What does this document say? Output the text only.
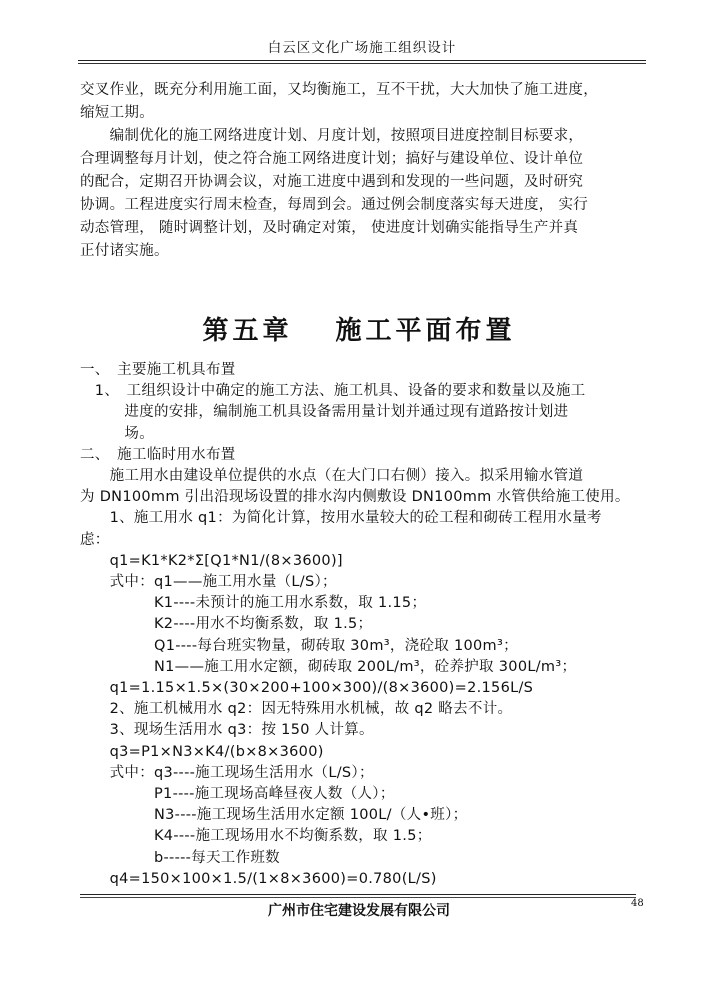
白云区文化广场施工组织设计
交叉作业，既充分利用施工面，又均衡施工，互不干扰，大大加快了施工进度，
缩短工期。
　　编制优化的施工网络进度计划、月度计划，按照项目进度控制目标要求，
合理调整每月计划，使之符合施工网络进度计划；搞好与建设单位、设计单位
的配合，定期召开协调会议，对施工进度中遇到和发现的一些问题，及时研究
协调。工程进度实行周末检查，每周到会。通过例会制度落实每天进度， 实行
动态管理， 随时调整计划，及时确定对策， 使进度计划确实能指导生产并真
正付诸实施。
第五章　 施工平面布置
一、　主要施工机具布置
　1、　工组织设计中确定的施工方法、施工机具、设备的要求和数量以及施工
　　　进度的安排，编制施工机具设备需用量计划并通过现有道路按计划进
　　　场。
二、　施工临时用水布置
　　施工用水由建设单位提供的水点（在大门口右侧）接入。拟采用输水管道
为 DN100mm 引出沿现场设置的排水沟内侧敷设 DN100mm 水管供给施工使用。
　　1、施工用水 q1：为简化计算，按用水量较大的砼工程和砌砖工程用水量考
虑：
　　q1=K1*K2*Σ[Q1*N1/(8×3600)]
　　式中：q1——施工用水量（L/S）；
　　　　　K1----未预计的施工用水系数，取 1.15；
　　　　　K2----用水不均衡系数，取 1.5；
　　　　　Q1----每台班实物量，砌砖取 30m³，浇砼取 100m³；
　　　　　N1——施工用水定额，砌砖取 200L/m³，砼养护取 300L/m³；
　　q1=1.15×1.5×(30×200+100×300)/(8×3600)=2.156L/S
　　2、施工机械用水 q2：因无特殊用水机械，故 q2 略去不计。
　　3、现场生活用水 q3：按 150 人计算。
　　q3=P1×N3×K4/(b×8×3600)
　　式中：q3----施工现场生活用水（L/S）；
　　　　　P1----施工现场高峰昼夜人数（人）；
　　　　　N3----施工现场生活用水定额 100L/（人•班）；
　　　　　K4----施工现场用水不均衡系数，取 1.5；
　　　　　b-----每天工作班数
　　q4=150×100×1.5/(1×8×3600)=0.780(L/S)
广州市住宅建设发展有限公司	48
